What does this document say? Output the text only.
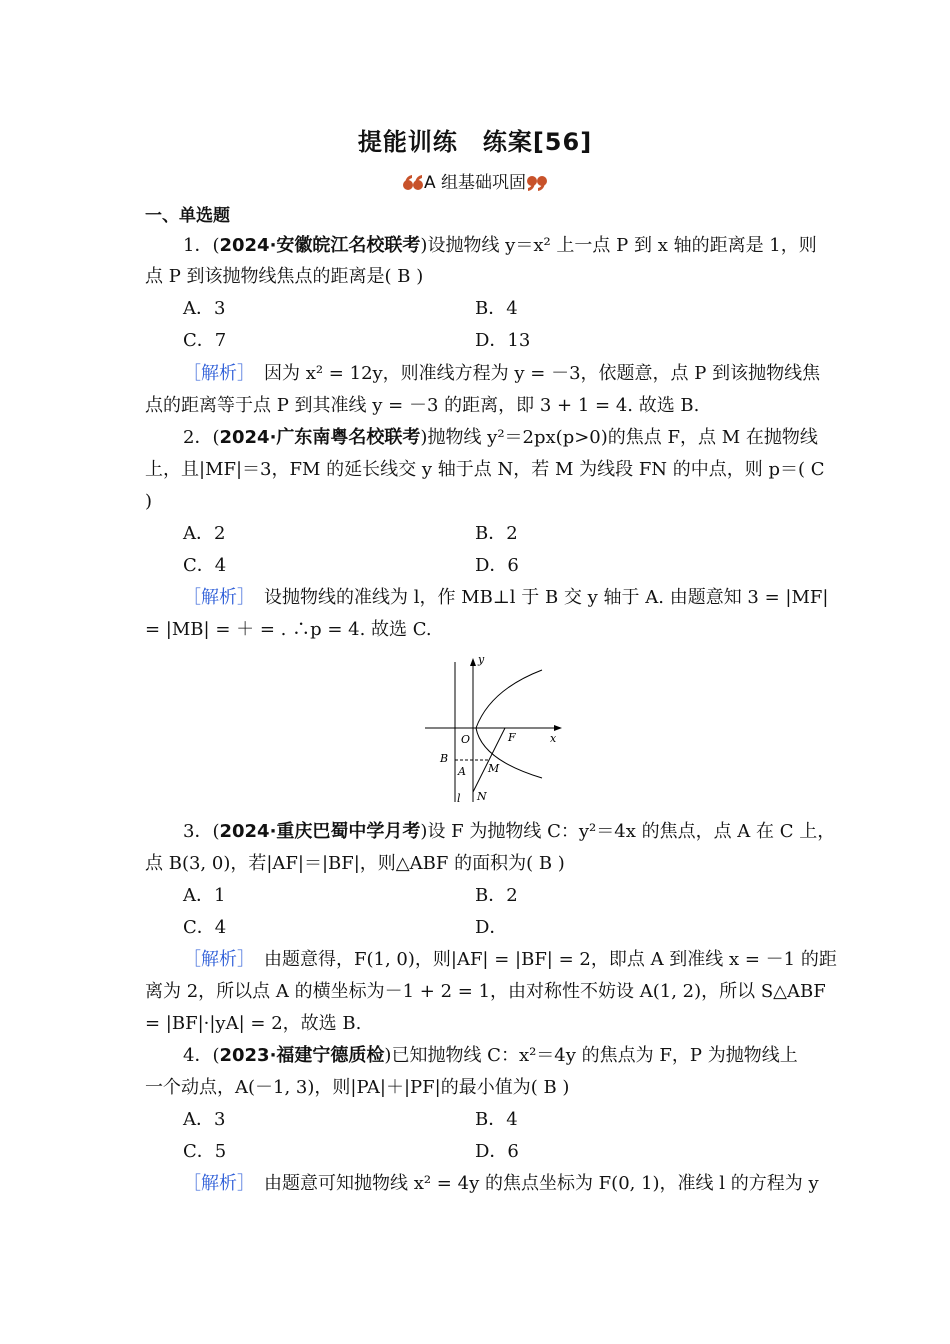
提能训练　练案[56]
A 组基础巩固
一、单选题
1．(2024·安徽皖江名校联考)设抛物线 y＝x² 上一点 P 到 x 轴的距离是 1，则
点 P 到该抛物线焦点的距离是( B )
A．3	B．4
C．7	D．13
［解析］　 因为 x² = 12y，则准线方程为 y = －3，依题意，点 P 到该抛物线焦
点的距离等于点 P 到其准线 y = －3 的距离，即 3 + 1 = 4. 故选 B.
2．(2024·广东南粤名校联考)抛物线 y²＝2px(p>0)的焦点 F，点 M 在抛物线
上，且|MF|＝3，FM 的延长线交 y 轴于点 N，若 M 为线段 FN 的中点，则 p＝( C
)
A．2	B．2
C．4	D．6
［解析］　 设抛物线的准线为 l，作 MB⊥l 于 B 交 y 轴于 A. 由题意知 3 = |MF|
= |MB| = ＋ = . ∴p = 4. 故选 C.
y
x
O	F
B
A M
l N
3．(2024·重庆巴蜀中学月考)设 F 为抛物线 C：y²＝4x 的焦点，点 A 在 C 上，
点 B(3, 0)，若|AF|＝|BF|，则△ABF 的面积为( B )
A．1	B．2
C．4	D．
［解析］　 由题意得，F(1, 0)，则|AF| = |BF| = 2，即点 A 到准线 x = －1 的距
离为 2，所以点 A 的横坐标为－1 + 2 = 1，由对称性不妨设 A(1, 2)，所以 S△ABF
= |BF|·|yA| = 2，故选 B.
4．(2023·福建宁德质检)已知抛物线 C：x²＝4y 的焦点为 F，P 为抛物线上
一个动点，A(－1, 3)，则|PA|＋|PF|的最小值为( B )
A．3	B．4
C．5	D．6
［解析］　 由题意可知抛物线 x² = 4y 的焦点坐标为 F(0, 1)，准线 l 的方程为 y
